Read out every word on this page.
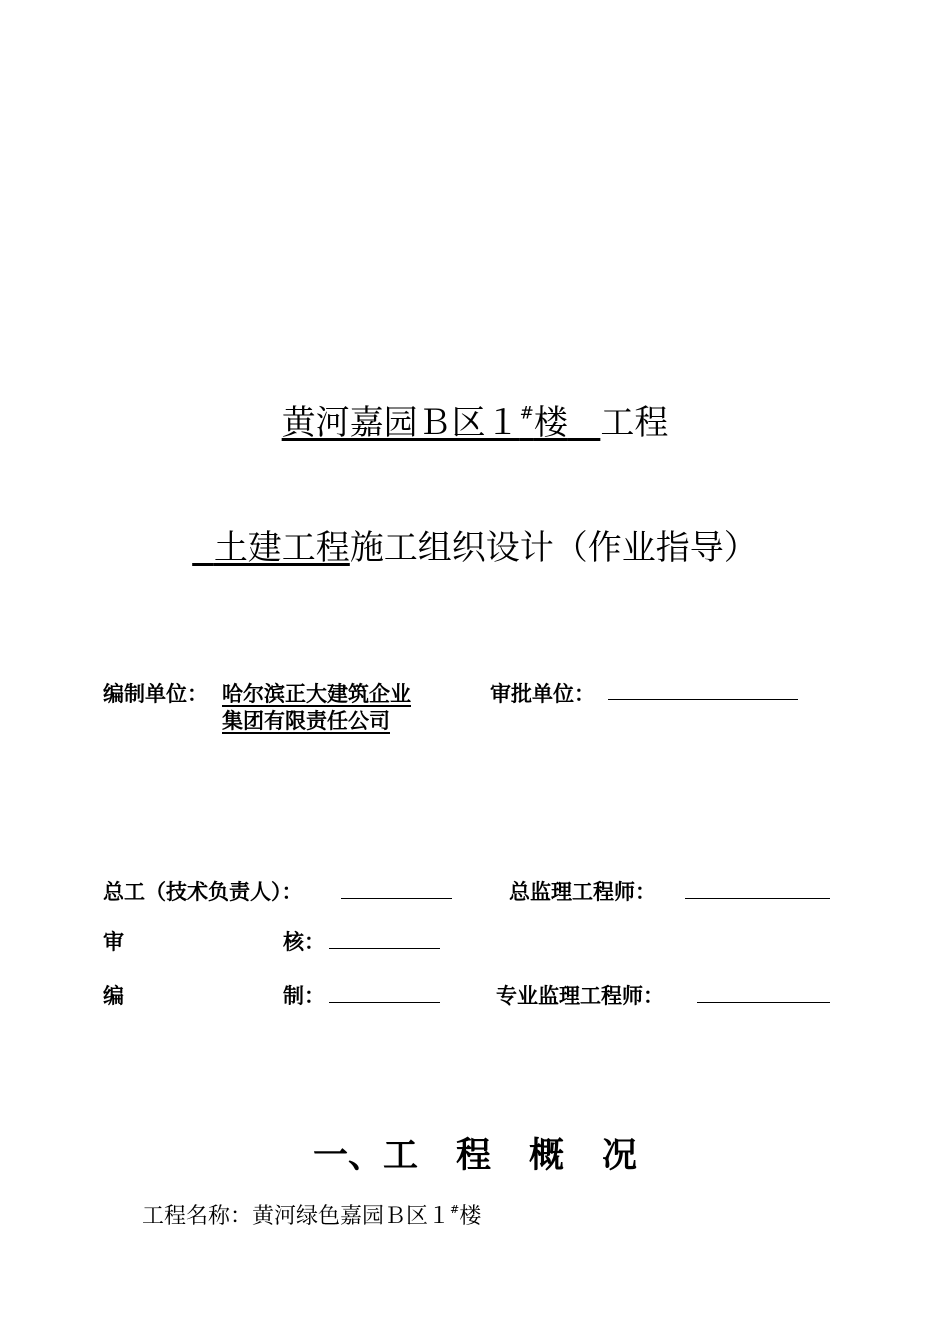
黄河嘉园Ｂ区１#楼 工程
土建工程施工组织设计（作业指导）
编制单位： 哈尔滨正大建筑企业
集团有限责任公司
审批单位：
总工（技术负责人）：	总监理工程师：
审	核：
编	制：	专业监理工程师：
一、工 程 概 况
工程名称：黄河绿色嘉园Ｂ区１#楼
